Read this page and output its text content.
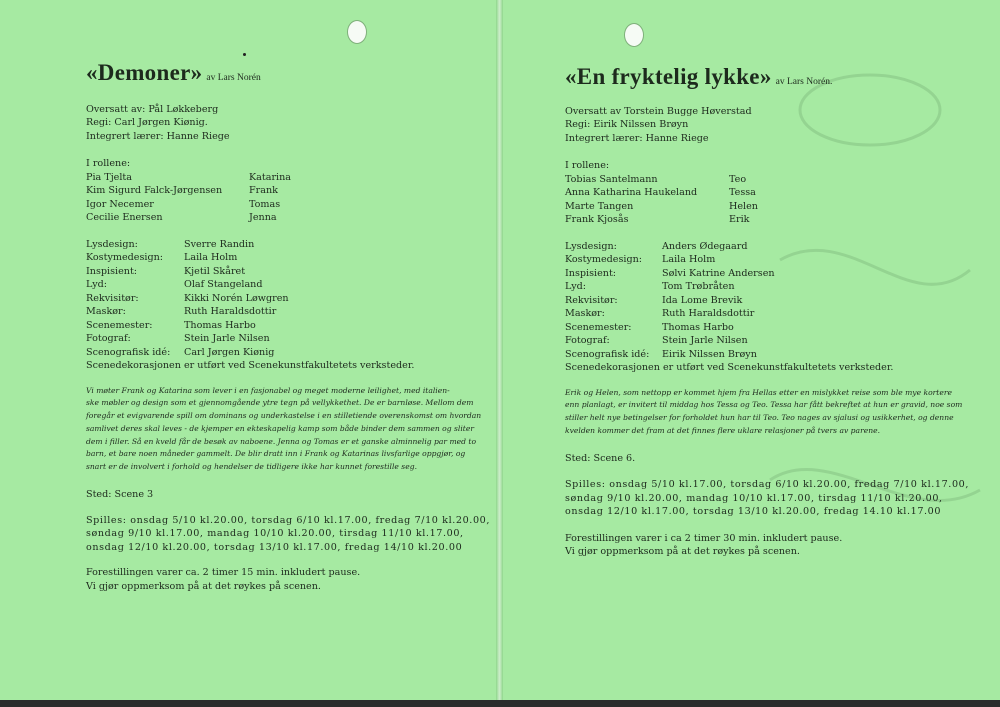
«Demoner» av Lars Norén
Oversatt av: Pål Løkkeberg
Regi: Carl Jørgen Kiønig.
Integrert lærer: Hanne Riege
I rollene:
Pia Tjelta	Katarina
Kim Sigurd Falck-Jørgensen	Frank
Igor Necemer	Tomas
Cecilie Enersen	Jenna
Lysdesign:	Sverre Randin
Kostymedesign:	Laila Holm
Inspisient:	Kjetil Skåret
Lyd:	Olaf Stangeland
Rekvisitør:	Kikki Norén Løwgren
Maskør:	Ruth Haraldsdottir
Scenemester:	Thomas Harbo
Fotograf:	Stein Jarle Nilsen
Scenografisk idé:	Carl Jørgen Kiønig
Scenedekorasjonen er utført ved Scenekunstfakultetets verksteder.
Vi møter Frank og Katarina som lever i en fasjonabel og meget moderne leilighet, med italien-
ske møbler og design som et gjennomgående ytre tegn på vellykkethet. De er barnløse. Mellom dem
foregår et evigvarende spill om dominans og underkastelse i en stilletiende overenskomst om hvordan
samlivet deres skal leves - de kjemper en ekteskapelig kamp som både binder dem sammen og sliter
dem i filler. Så en kveld får de besøk av naboene. Jenna og Tomas er et ganske alminnelig par med to
barn, et bare noen måneder gammelt. De blir dratt inn i Frank og Katarinas livsfarlige oppgjør, og
snart er de involvert i forhold og hendelser de tidligere ikke har kunnet forestille seg.
Sted: Scene 3
Spilles: onsdag 5/10 kl.20.00, torsdag 6/10 kl.17.00, fredag 7/10 kl.20.00,
søndag 9/10 kl.17.00, mandag 10/10 kl.20.00, tirsdag 11/10 kl.17.00,
onsdag 12/10 kl.20.00, torsdag 13/10 kl.17.00, fredag 14/10 kl.20.00
Forestillingen varer ca. 2 timer 15 min. inkludert pause.
Vi gjør oppmerksom på at det røykes på scenen.
«En fryktelig lykke» av Lars Norén.
Oversatt av Torstein Bugge Høverstad
Regi: Eirik Nilssen Brøyn
Integrert lærer: Hanne Riege
I rollene:
Tobias Santelmann	Teo
Anna Katharina Haukeland	Tessa
Marte Tangen	Helen
Frank Kjosås	Erik
Lysdesign:	Anders Ødegaard
Kostymedesign:	Laila Holm
Inspisient:	Sølvi Katrine Andersen
Lyd:	Tom Trøbråten
Rekvisitør:	Ida Lome Brevik
Maskør:	Ruth Haraldsdottir
Scenemester:	Thomas Harbo
Fotograf:	Stein Jarle Nilsen
Scenografisk idé:	Eirik Nilssen Brøyn
Scenedekorasjonen er utført ved Scenekunstfakultetets verksteder.
Erik og Helen, som nettopp er kommet hjem fra Hellas etter en mislykket reise som ble mye kortere
enn planlagt, er invitert til middag hos Tessa og Teo. Tessa har fått bekreftet at hun er gravid, noe som
stiller helt nye betingelser for forholdet hun har til Teo. Teo nages av sjalusi og usikkerhet, og denne
kvelden kommer det fram at det finnes flere uklare relasjoner på tvers av parene.
Sted: Scene 6.
Spilles: onsdag 5/10 kl.17.00, torsdag 6/10 kl.20.00, fredag 7/10 kl.17.00,
søndag 9/10 kl.20.00, mandag 10/10 kl.17.00, tirsdag 11/10 kl.20.00,
onsdag 12/10 kl.17.00, torsdag 13/10 kl.20.00, fredag 14.10 kl.17.00
Forestillingen varer i ca 2 timer 30 min. inkludert pause.
Vi gjør oppmerksom på at det røykes på scenen.
